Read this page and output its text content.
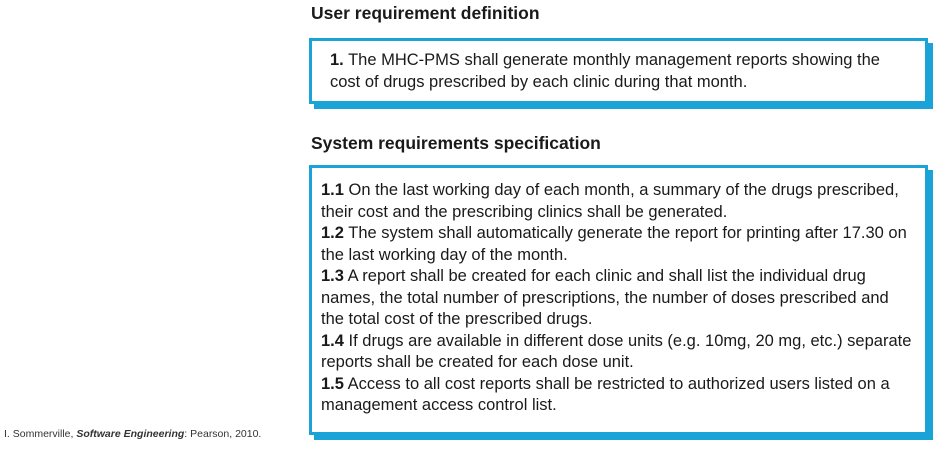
User requirement definition
1. The MHC-PMS shall generate monthly management reports showing the cost of drugs prescribed by each clinic during that month.
System requirements specification
1.1 On the last working day of each month, a summary of the drugs prescribed, their cost and the prescribing clinics shall be generated.
1.2 The system shall automatically generate the report for printing after 17.30 on the last working day of the month.
1.3 A report shall be created for each clinic and shall list the individual drug names, the total number of prescriptions, the number of doses prescribed and the total cost of the prescribed drugs.
1.4 If drugs are available in different dose units (e.g. 10mg, 20 mg, etc.) separate reports shall be created for each dose unit.
1.5 Access to all cost reports shall be restricted to authorized users listed on a management access control list.
I. Sommerville, Software Engineering: Pearson, 2010.
